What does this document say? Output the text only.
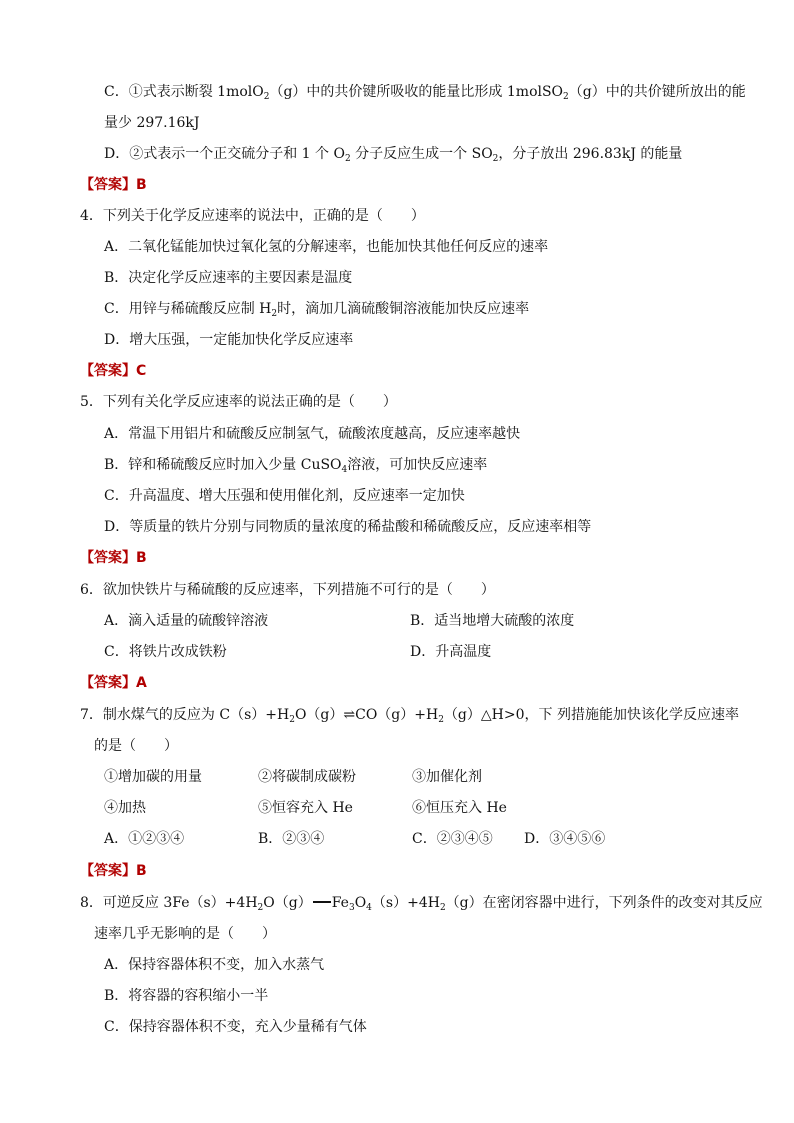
C．①式表示断裂 1molO$_2$（g）中的共价键所吸收的能量比形成 1molSO$_2$（g）中的共价键所放出的能
量少 297.16kJ
D．②式表示一个正交硫分子和 1 个 $O_2$ 分子反应生成一个 $SO_2$，分子放出 296.83kJ 的能量
【答案】B
4．下列关于化学反应速率的说法中，正确的是（　　）
A．二氧化锰能加快过氧化氢的分解速率，也能加快其他任何反应的速率
B．决定化学反应速率的主要因素是温度
C．用锌与稀硫酸反应制 $H_2$时，滴加几滴硫酸铜溶液能加快反应速率
D．增大压强，一定能加快化学反应速率
【答案】C
5．下列有关化学反应速率的说法正确的是（　　）
A．常温下用铝片和硫酸反应制氢气，硫酸浓度越高，反应速率越快
B．锌和稀硫酸反应时加入少量 CuSO$_4$溶液，可加快反应速率
C．升高温度、增大压强和使用催化剂，反应速率一定加快
D．等质量的铁片分别与同物质的量浓度的稀盐酸和稀硫酸反应，反应速率相等
【答案】B
6．欲加快铁片与稀硫酸的反应速率，下列措施不可行的是（　　）
A．滴入适量的硫酸锌溶液	B．适当地增大硫酸的浓度
C．将铁片改成铁粉	D．升高温度
【答案】A
7．制水煤气的反应为 $C(s)+H_2O(g)\rightleftharpoons CO(g)+H_2(g)\triangle H>0$，下 列措施能加快该化学反应速率
的是（　　）
①增加碳的用量	②将碳制成碳粉	③加催化剂
④加热	⑤恒容充入 He	⑥恒压充入 He
A．①②③④	B．②③④	C．②③④⑤ D．③④⑤⑥
【答案】B
8．可逆反应 $3Fe(s)+4H_2O(g)$ $Fe_3O_4(s)+4H_2(g)$在密闭容器中进行，下列条件的改变对其反应
速率几乎无影响的是（　　）
A．保持容器体积不变，加入水蒸气
B．将容器的容积缩小一半
C．保持容器体积不变，充入少量稀有气体
